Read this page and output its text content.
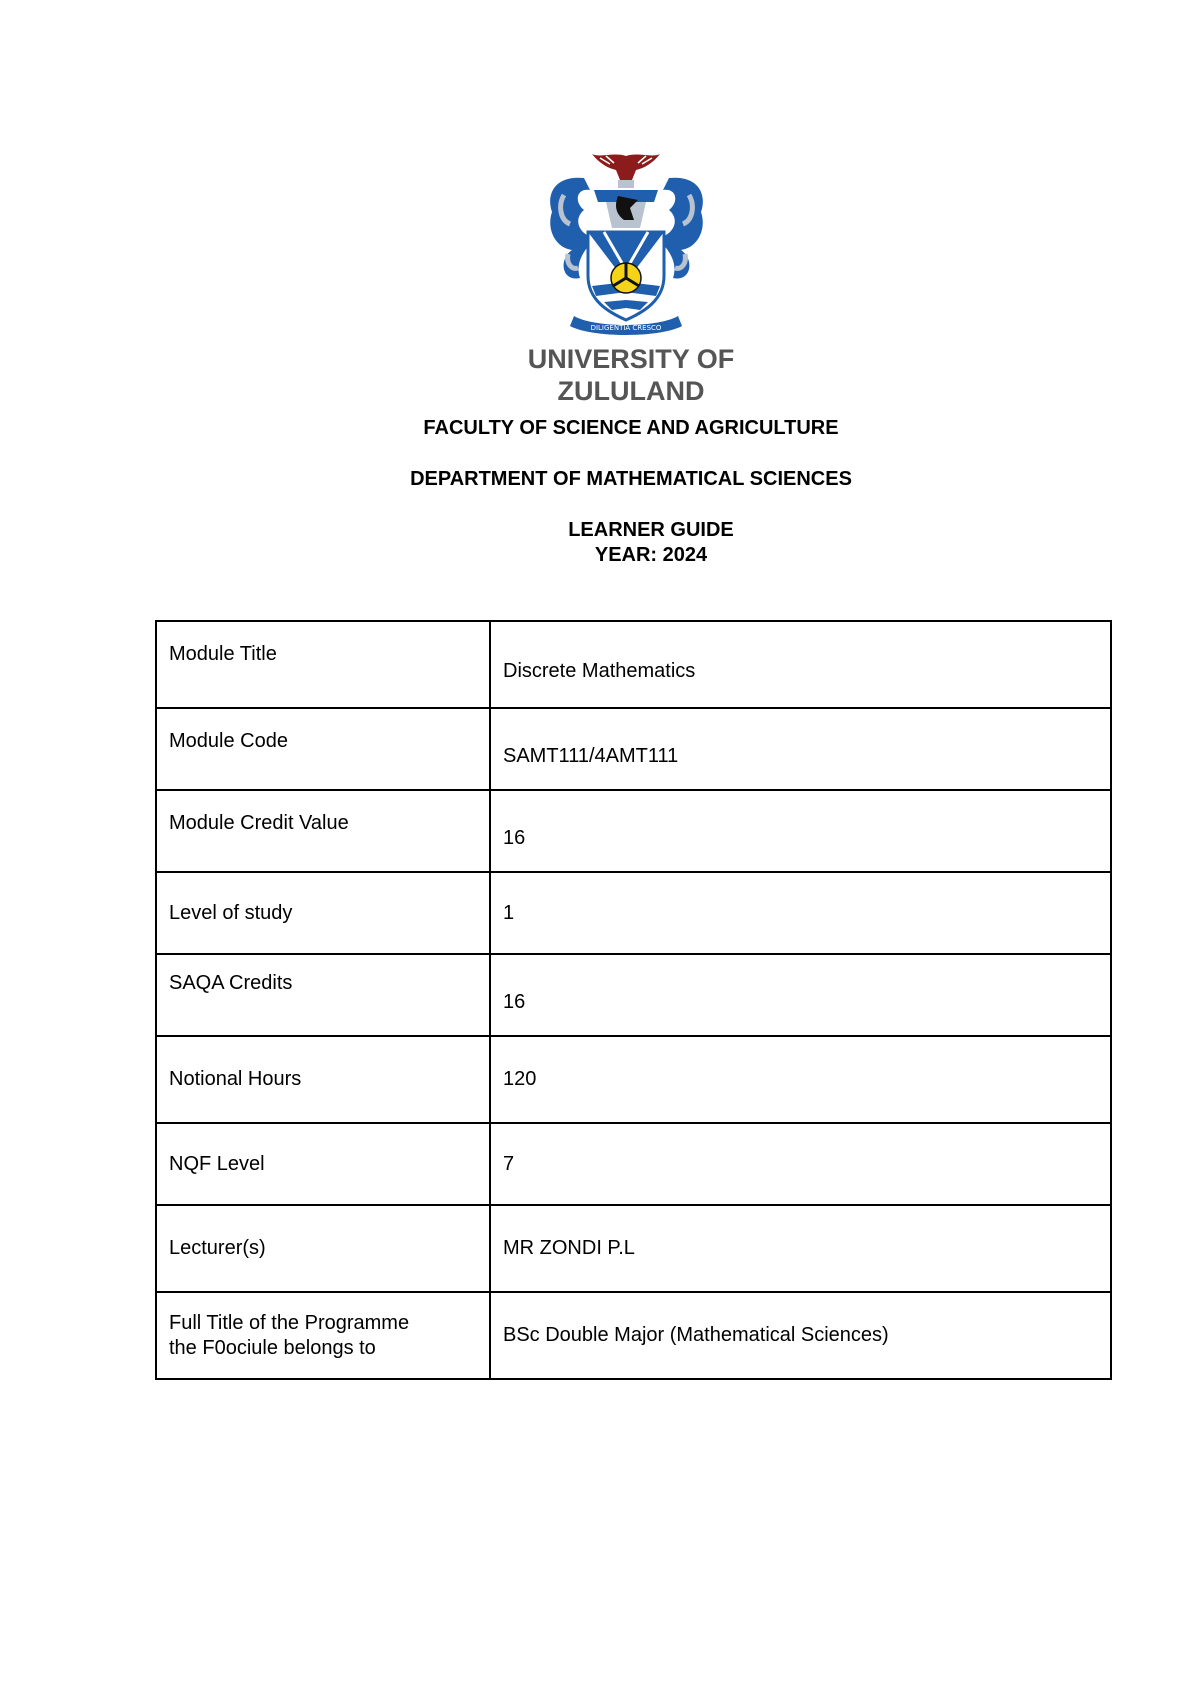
DILIGENTIA CRESCO
UNIVERSITY OF
ZULULAND
FACULTY OF SCIENCE AND AGRICULTURE
DEPARTMENT OF MATHEMATICAL SCIENCES
LEARNER GUIDE
YEAR: 2024
Module Title	Discrete Mathematics
Module Code	SAMT111/4AMT111
Module Credit Value	16
Level of study	1
SAQA Credits	16
Notional Hours	120
NQF Level	7
Lecturer(s)	MR ZONDI P.L

Full Title of the Programme
the F0ociule belongs to	BSc Double Major (Mathematical Sciences)
